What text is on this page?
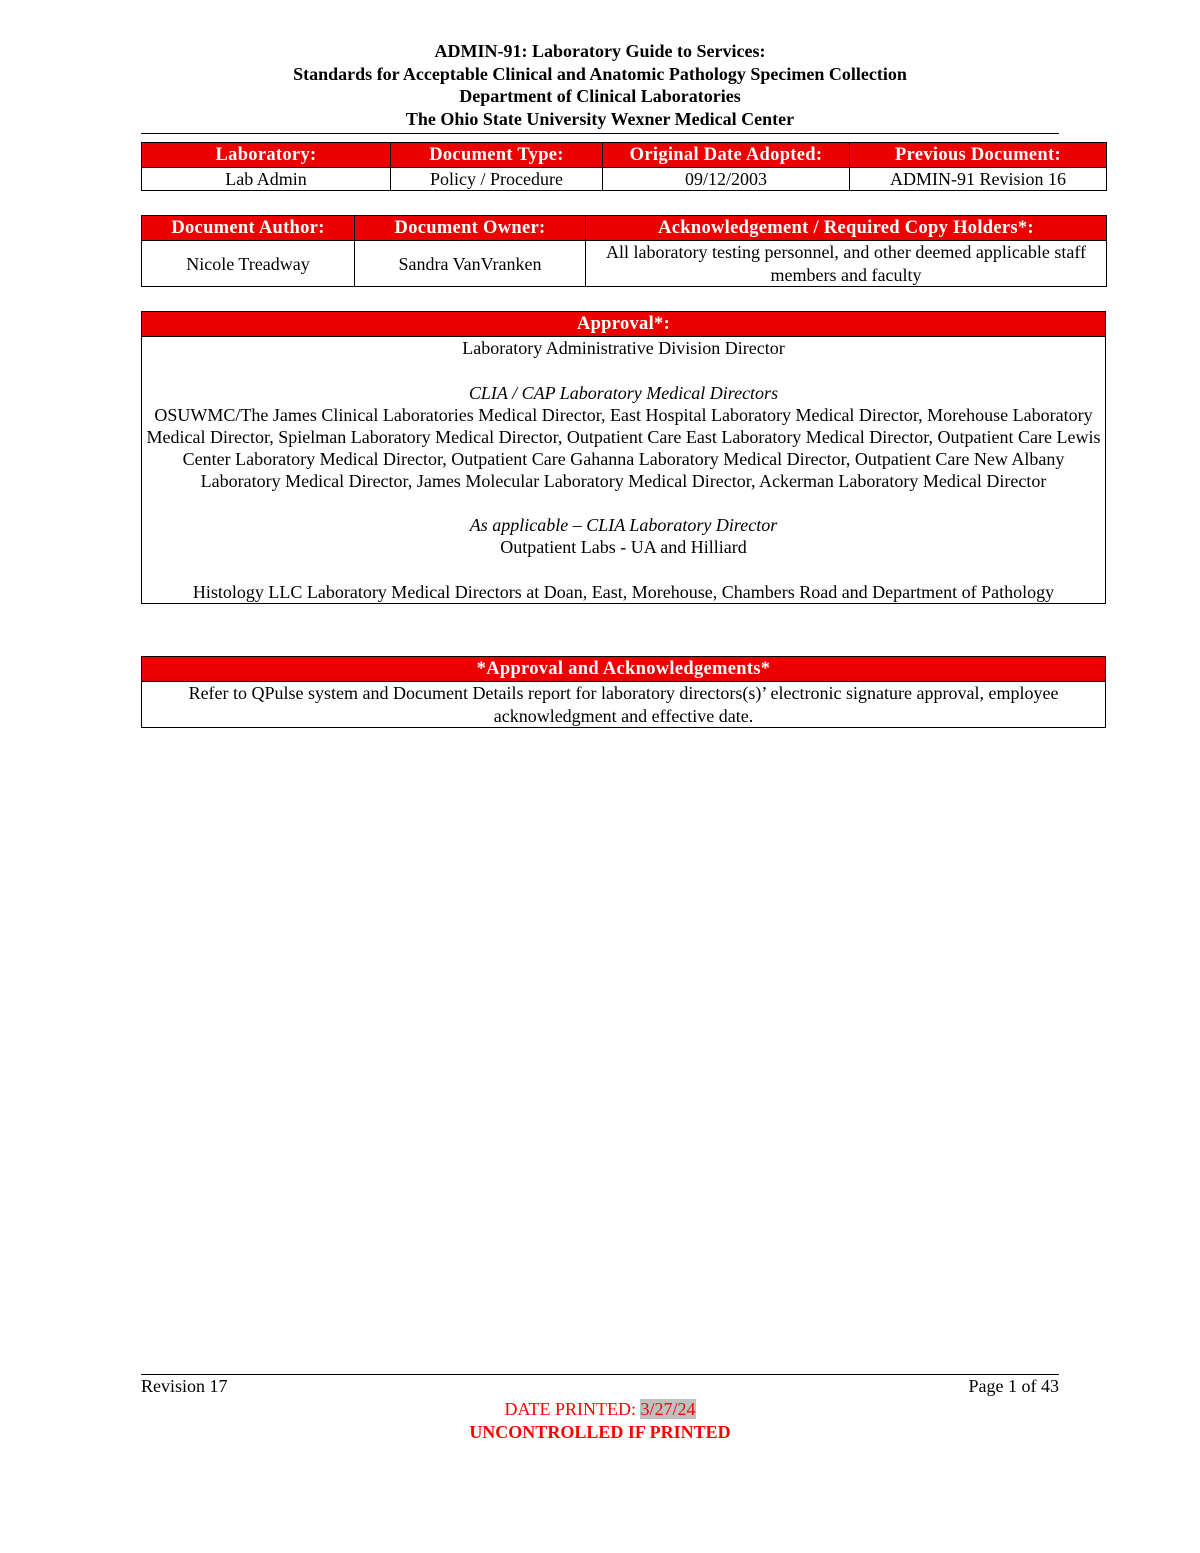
ADMIN-91: Laboratory Guide to Services:
Standards for Acceptable Clinical and Anatomic Pathology Specimen Collection
Department of Clinical Laboratories
The Ohio State University Wexner Medical Center
Laboratory:	Document Type:	Original Date Adopted:	Previous Document:
Lab Admin	Policy / Procedure	09/12/2003	ADMIN-91 Revision 16
Document Author:	Document Owner:	Acknowledgement / Required Copy Holders*:
Nicole Treadway	Sandra VanVranken	All laboratory testing personnel, and other deemed applicable staff members and faculty
Approval*:

Laboratory Administrative Division Director

CLIA / CAP Laboratory Medical Directors

OSUWMC/The James Clinical Laboratories Medical Director, East Hospital Laboratory Medical Director, Morehouse Laboratory Medical Director, Spielman Laboratory Medical Director, Outpatient Care East Laboratory Medical Director, Outpatient Care Lewis Center Laboratory Medical Director, Outpatient Care Gahanna Laboratory Medical Director, Outpatient Care New Albany Laboratory Medical Director, James Molecular Laboratory Medical Director, Ackerman Laboratory Medical Director

As applicable – CLIA Laboratory Director

Outpatient Labs - UA and Hilliard

Histology LLC Laboratory Medical Directors at Doan, East, Morehouse, Chambers Road and Department of Pathology

*Approval and Acknowledgements*
Refer to QPulse system and Document Details report for laboratory directors(s)’ electronic signature approval, employee acknowledgment and effective date.
Revision 17	Page 1 of 43
DATE PRINTED: 3/27/24
UNCONTROLLED IF PRINTED
